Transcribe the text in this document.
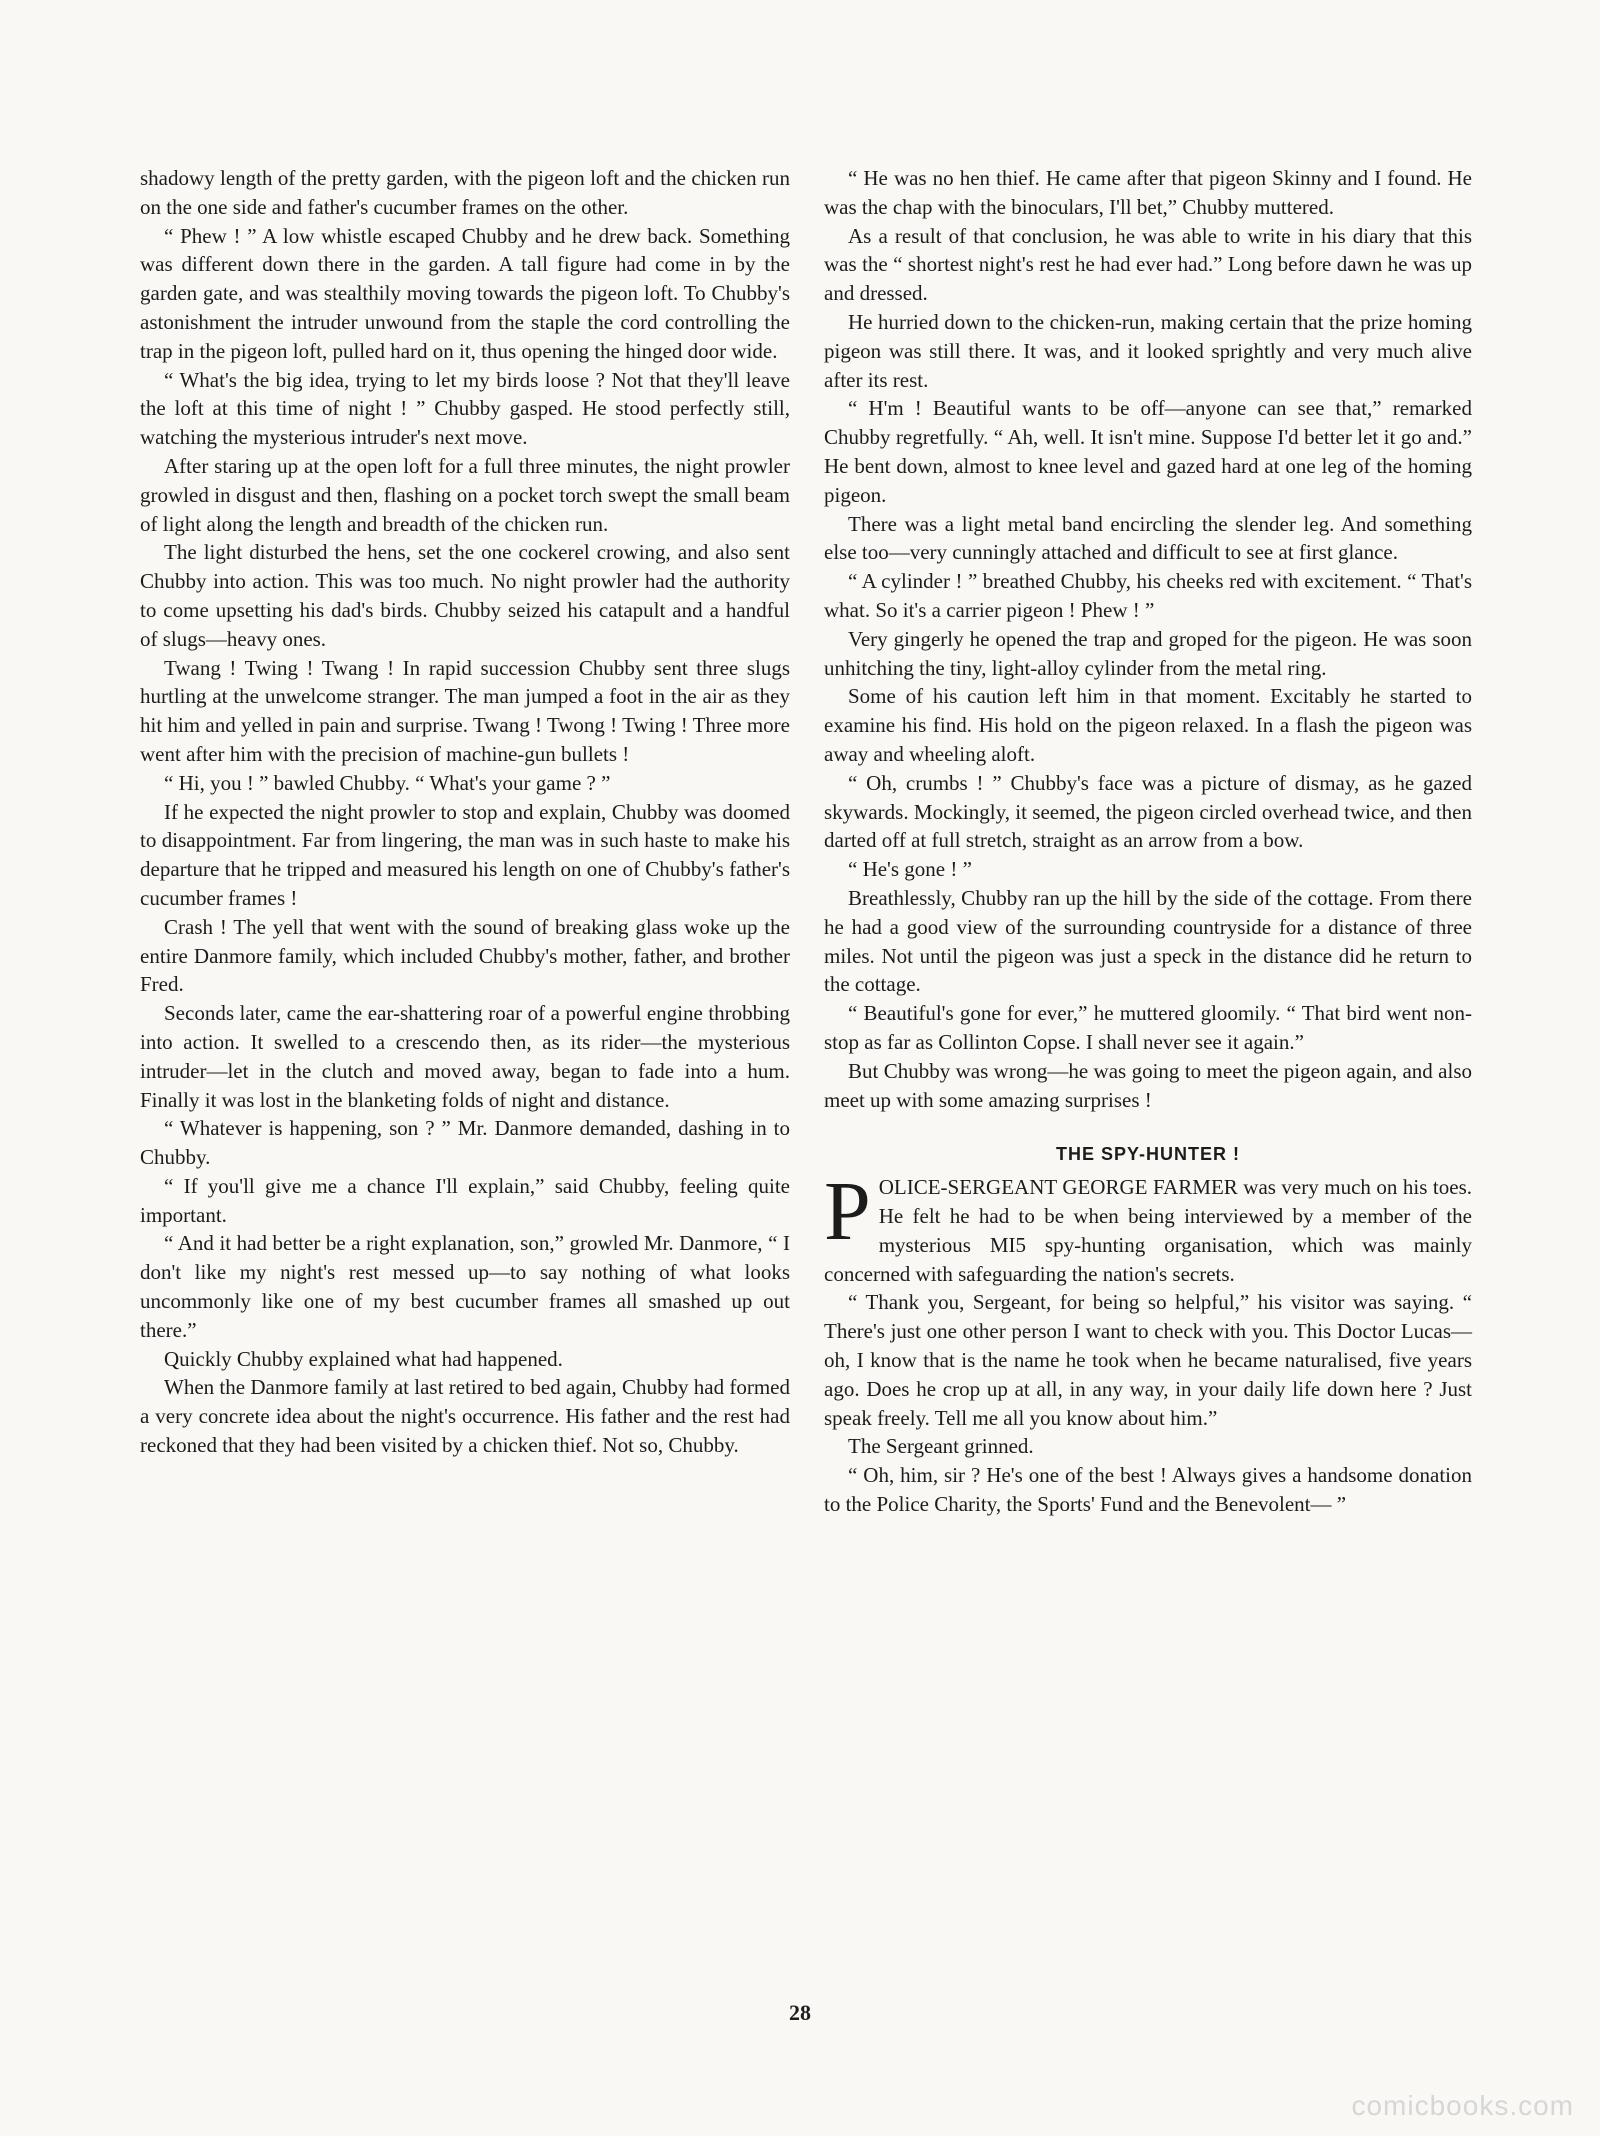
shadowy length of the pretty garden, with the pigeon loft and the chicken run on the one side and father's cucumber frames on the other.

“ Phew ! ” A low whistle escaped Chubby and he drew back. Something was different down there in the garden. A tall figure had come in by the garden gate, and was stealthily moving towards the pigeon loft. To Chubby's astonishment the intruder unwound from the staple the cord controlling the trap in the pigeon loft, pulled hard on it, thus opening the hinged door wide.

“ What's the big idea, trying to let my birds loose ? Not that they'll leave the loft at this time of night ! ” Chubby gasped. He stood perfectly still, watching the mysterious intruder's next move.

After staring up at the open loft for a full three minutes, the night prowler growled in disgust and then, flashing on a pocket torch swept the small beam of light along the length and breadth of the chicken run.

The light disturbed the hens, set the one cockerel crowing, and also sent Chubby into action. This was too much. No night prowler had the authority to come upsetting his dad's birds. Chubby seized his catapult and a handful of slugs—heavy ones.

Twang ! Twing ! Twang ! In rapid succession Chubby sent three slugs hurtling at the unwelcome stranger. The man jumped a foot in the air as they hit him and yelled in pain and surprise. Twang ! Twong ! Twing ! Three more went after him with the precision of machine-gun bullets !

“ Hi, you ! ” bawled Chubby. “ What's your game ? ”

If he expected the night prowler to stop and explain, Chubby was doomed to disappointment. Far from lingering, the man was in such haste to make his departure that he tripped and measured his length on one of Chubby's father's cucumber frames !

Crash ! The yell that went with the sound of breaking glass woke up the entire Danmore family, which included Chubby's mother, father, and brother Fred.

Seconds later, came the ear-shattering roar of a powerful engine throbbing into action. It swelled to a crescendo then, as its rider—the mysterious intruder—let in the clutch and moved away, began to fade into a hum. Finally it was lost in the blanketing folds of night and distance.

“ Whatever is happening, son ? ” Mr. Danmore demanded, dashing in to Chubby.

“ If you'll give me a chance I'll explain,” said Chubby, feeling quite important.

“ And it had better be a right explanation, son,” growled Mr. Danmore, “ I don't like my night's rest messed up—to say nothing of what looks uncommonly like one of my best cucumber frames all smashed up out there.”

Quickly Chubby explained what had happened.

When the Danmore family at last retired to bed again, Chubby had formed a very concrete idea about the night's occurrence. His father and the rest had reckoned that they had been visited by a chicken thief. Not so, Chubby.

“ He was no hen thief. He came after that pigeon Skinny and I found. He was the chap with the binoculars, I'll bet,” Chubby muttered.

As a result of that conclusion, he was able to write in his diary that this was the “ shortest night's rest he had ever had.” Long before dawn he was up and dressed.

He hurried down to the chicken-run, making certain that the prize homing pigeon was still there. It was, and it looked sprightly and very much alive after its rest.

“ H'm ! Beautiful wants to be off—anyone can see that,” remarked Chubby regretfully. “ Ah, well. It isn't mine. Suppose I'd better let it go and.” He bent down, almost to knee level and gazed hard at one leg of the homing pigeon.

There was a light metal band encircling the slender leg. And something else too—very cunningly attached and difficult to see at first glance.

“ A cylinder ! ” breathed Chubby, his cheeks red with excitement. “ That's what. So it's a carrier pigeon ! Phew ! ”

Very gingerly he opened the trap and groped for the pigeon. He was soon unhitching the tiny, light-alloy cylinder from the metal ring.

Some of his caution left him in that moment. Excitably he started to examine his find. His hold on the pigeon relaxed. In a flash the pigeon was away and wheeling aloft.

“ Oh, crumbs ! ” Chubby's face was a picture of dismay, as he gazed skywards. Mockingly, it seemed, the pigeon circled overhead twice, and then darted off at full stretch, straight as an arrow from a bow.

“ He's gone ! ”

Breathlessly, Chubby ran up the hill by the side of the cottage. From there he had a good view of the surrounding countryside for a distance of three miles. Not until the pigeon was just a speck in the distance did he return to the cottage.

“ Beautiful's gone for ever,” he muttered gloomily. “ That bird went non-stop as far as Collinton Copse. I shall never see it again.”

But Chubby was wrong—he was going to meet the pigeon again, and also meet up with some amazing surprises !

THE SPY-HUNTER !

POLICE-SERGEANT GEORGE FARMER was very much on his toes. He felt he had to be when being interviewed by a member of the mysterious MI5 spy-hunting organisation, which was mainly concerned with safeguarding the nation's secrets.

“ Thank you, Sergeant, for being so helpful,” his visitor was saying. “ There's just one other person I want to check with you. This Doctor Lucas—oh, I know that is the name he took when he became naturalised, five years ago. Does he crop up at all, in any way, in your daily life down here ? Just speak freely. Tell me all you know about him.”

The Sergeant grinned.

“ Oh, him, sir ? He's one of the best ! Always gives a handsome donation to the Police Charity, the Sports' Fund and the Benevolent— ”

28
comicbooks.com
